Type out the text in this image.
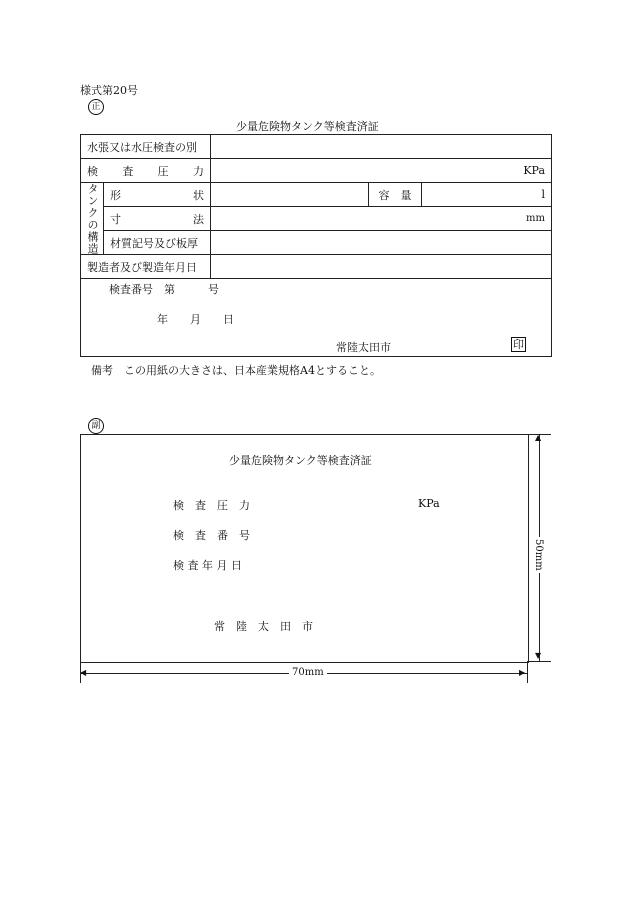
様式第20号
正
少量危険物タンク等検査済証
水張又は水圧検査の別				

検 査 圧 力		KPa		
タンクの構造	形 状		容　 量	l

	寸 法	mm		
	材質記号及び板厚			
製造者及び製造年月日				

検査番号　第　　　号
年　　月　　日
常陸太田市 印				
備考　この用紙の大きさは、日本産業規格A4とすること。
副
少量危険物タンク等検査済証
検　査　圧　力	KPa
検　査　番　号
検 査 年 月 日
常　陸　太　田　市
50mm
▲
▼
70mm
◀	▶
